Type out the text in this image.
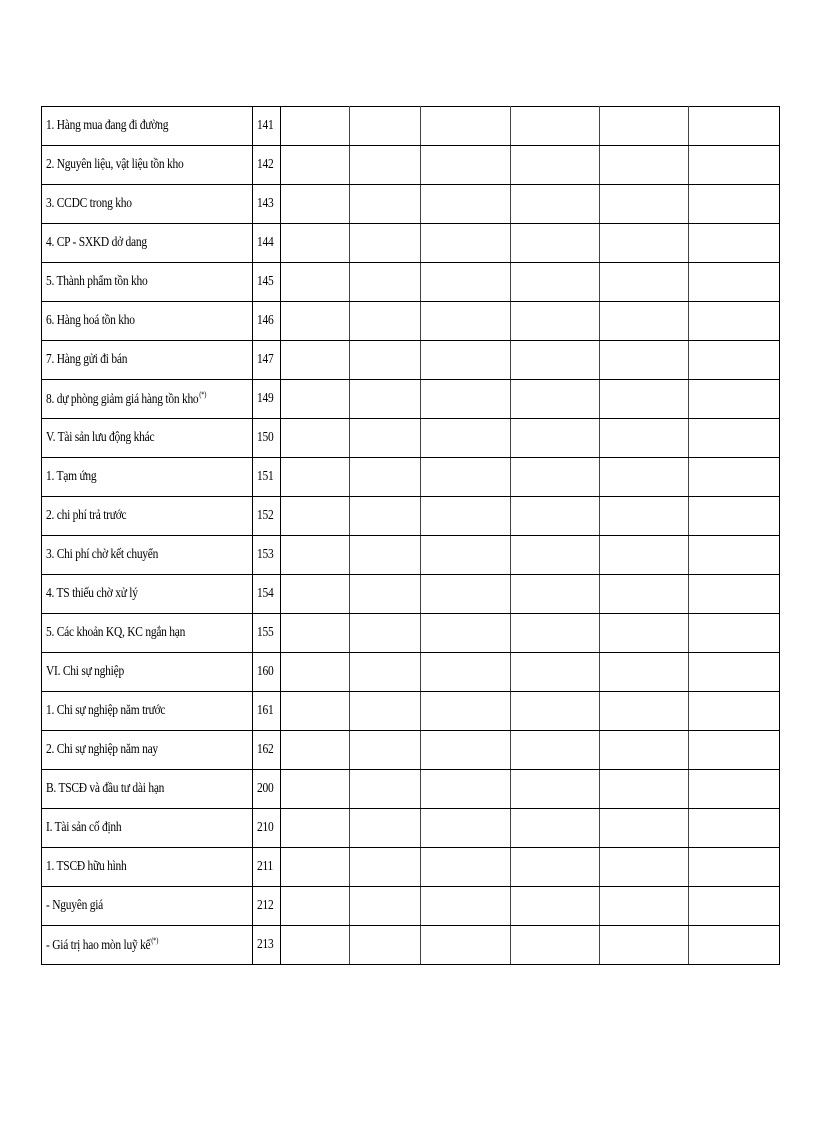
1. Hàng mua đang đi đường	141						
2. Nguyên liệu, vật liệu tồn kho	142						
3. CCDC trong kho	143						
4. CP - SXKD dở dang	144						
5. Thành phẩm tồn kho	145						
6. Hàng hoá tồn kho	146						
7. Hàng gửi đi bán	147						
8. dự phòng giảm giá hàng tồn kho(*)	149						
V. Tài sản lưu động khác	150						
1. Tạm ứng	151						
2. chi phí trả trước	152						
3. Chi phí chờ kết chuyển	153						
4. TS thiếu chờ xử lý	154						
5. Các khoản KQ, KC ngắn hạn	155						
VI. Chi sự nghiệp	160						
1. Chi sự nghiệp năm trước	161						
2. Chi sự nghiệp năm nay	162						
B. TSCĐ và đầu tư dài hạn	200						
I. Tài sản cố định	210						
1. TSCĐ hữu hình	211						
- Nguyên giá	212						
- Giá trị hao mòn luỹ kế(*)	213						
